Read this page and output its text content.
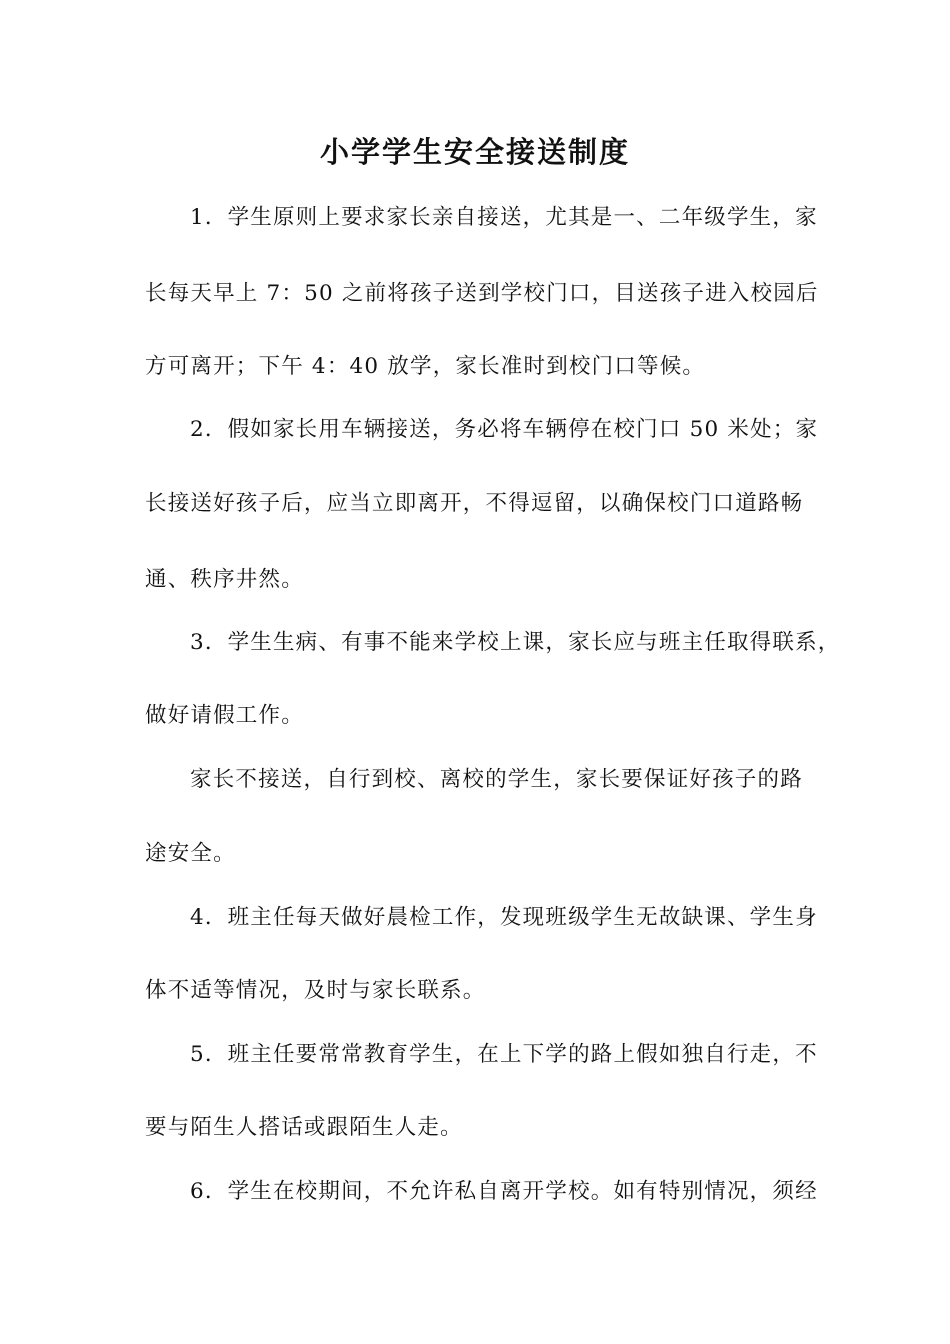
小学学生安全接送制度
1．学生原则上要求家长亲自接送，尤其是一、二年级学生，家
长每天早上 7：50 之前将孩子送到学校门口，目送孩子进入校园后
方可离开；下午 4：40 放学，家长准时到校门口等候。
2．假如家长用车辆接送，务必将车辆停在校门口 50 米处；家
长接送好孩子后，应当立即离开，不得逗留，以确保校门口道路畅
通、秩序井然。
3．学生生病、有事不能来学校上课，家长应与班主任取得联系，
做好请假工作。
家长不接送，自行到校、离校的学生，家长要保证好孩子的路
途安全。
4．班主任每天做好晨检工作，发现班级学生无故缺课、学生身
体不适等情况，及时与家长联系。
5．班主任要常常教育学生，在上下学的路上假如独自行走，不
要与陌生人搭话或跟陌生人走。
6．学生在校期间，不允许私自离开学校。如有特别情况，须经
